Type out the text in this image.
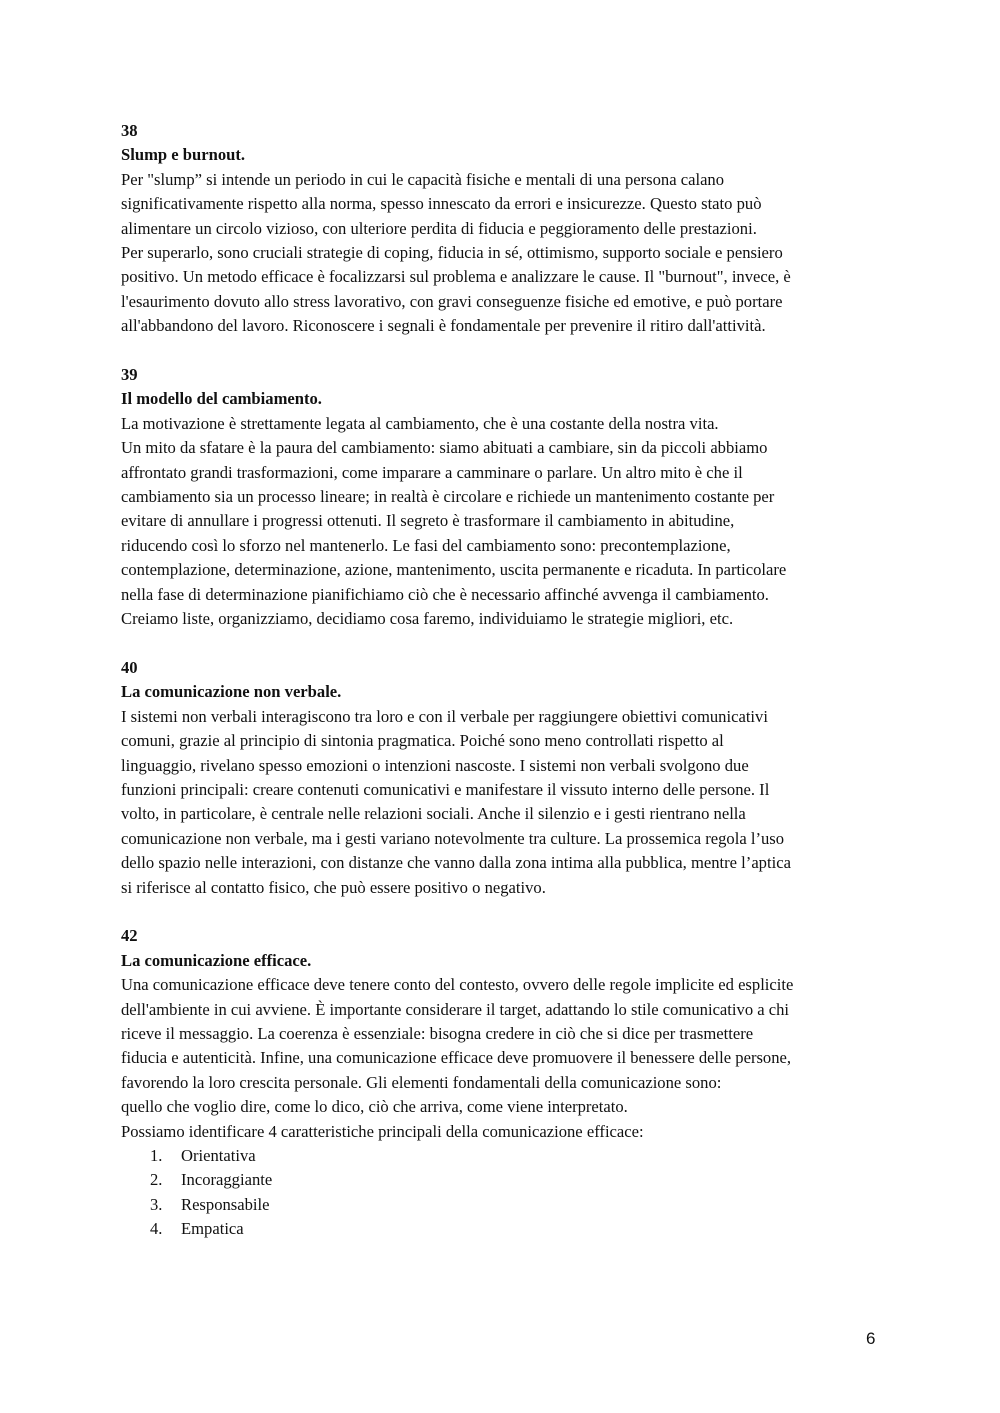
38
Slump e burnout.
Per "slump” si intende un periodo in cui le capacità fisiche e mentali di una persona calano
significativamente rispetto alla norma, spesso innescato da errori e insicurezze. Questo stato può
alimentare un circolo vizioso, con ulteriore perdita di fiducia e peggioramento delle prestazioni.
Per superarlo, sono cruciali strategie di coping, fiducia in sé, ottimismo, supporto sociale e pensiero
positivo. Un metodo efficace è focalizzarsi sul problema e analizzare le cause. Il "burnout", invece, è
l'esaurimento dovuto allo stress lavorativo, con gravi conseguenze fisiche ed emotive, e può portare
all'abbandono del lavoro. Riconoscere i segnali è fondamentale per prevenire il ritiro dall'attività.
39
Il modello del cambiamento.
La motivazione è strettamente legata al cambiamento, che è una costante della nostra vita.
Un mito da sfatare è la paura del cambiamento: siamo abituati a cambiare, sin da piccoli abbiamo
affrontato grandi trasformazioni, come imparare a camminare o parlare. Un altro mito è che il
cambiamento sia un processo lineare; in realtà è circolare e richiede un mantenimento costante per
evitare di annullare i progressi ottenuti. Il segreto è trasformare il cambiamento in abitudine,
riducendo così lo sforzo nel mantenerlo. Le fasi del cambiamento sono: precontemplazione,
contemplazione, determinazione, azione, mantenimento, uscita permanente e ricaduta. In particolare
nella fase di determinazione pianifichiamo ciò che è necessario affinché avvenga il cambiamento.
Creiamo liste, organizziamo, decidiamo cosa faremo, individuiamo le strategie migliori, etc.
40
La comunicazione non verbale.
I sistemi non verbali interagiscono tra loro e con il verbale per raggiungere obiettivi comunicativi
comuni, grazie al principio di sintonia pragmatica. Poiché sono meno controllati rispetto al
linguaggio, rivelano spesso emozioni o intenzioni nascoste. I sistemi non verbali svolgono due
funzioni principali: creare contenuti comunicativi e manifestare il vissuto interno delle persone. Il
volto, in particolare, è centrale nelle relazioni sociali. Anche il silenzio e i gesti rientrano nella
comunicazione non verbale, ma i gesti variano notevolmente tra culture. La prossemica regola l’uso
dello spazio nelle interazioni, con distanze che vanno dalla zona intima alla pubblica, mentre l’aptica
si riferisce al contatto fisico, che può essere positivo o negativo.
42
La comunicazione efficace.
Una comunicazione efficace deve tenere conto del contesto, ovvero delle regole implicite ed esplicite
dell'ambiente in cui avviene. È importante considerare il target, adattando lo stile comunicativo a chi
riceve il messaggio. La coerenza è essenziale: bisogna credere in ciò che si dice per trasmettere
fiducia e autenticità. Infine, una comunicazione efficace deve promuovere il benessere delle persone,
favorendo la loro crescita personale. Gli elementi fondamentali della comunicazione sono:
quello che voglio dire, come lo dico, ciò che arriva, come viene interpretato.
Possiamo identificare 4 caratteristiche principali della comunicazione efficace:
1. Orientativa
2. Incoraggiante
3. Responsabile
4. Empatica
6
